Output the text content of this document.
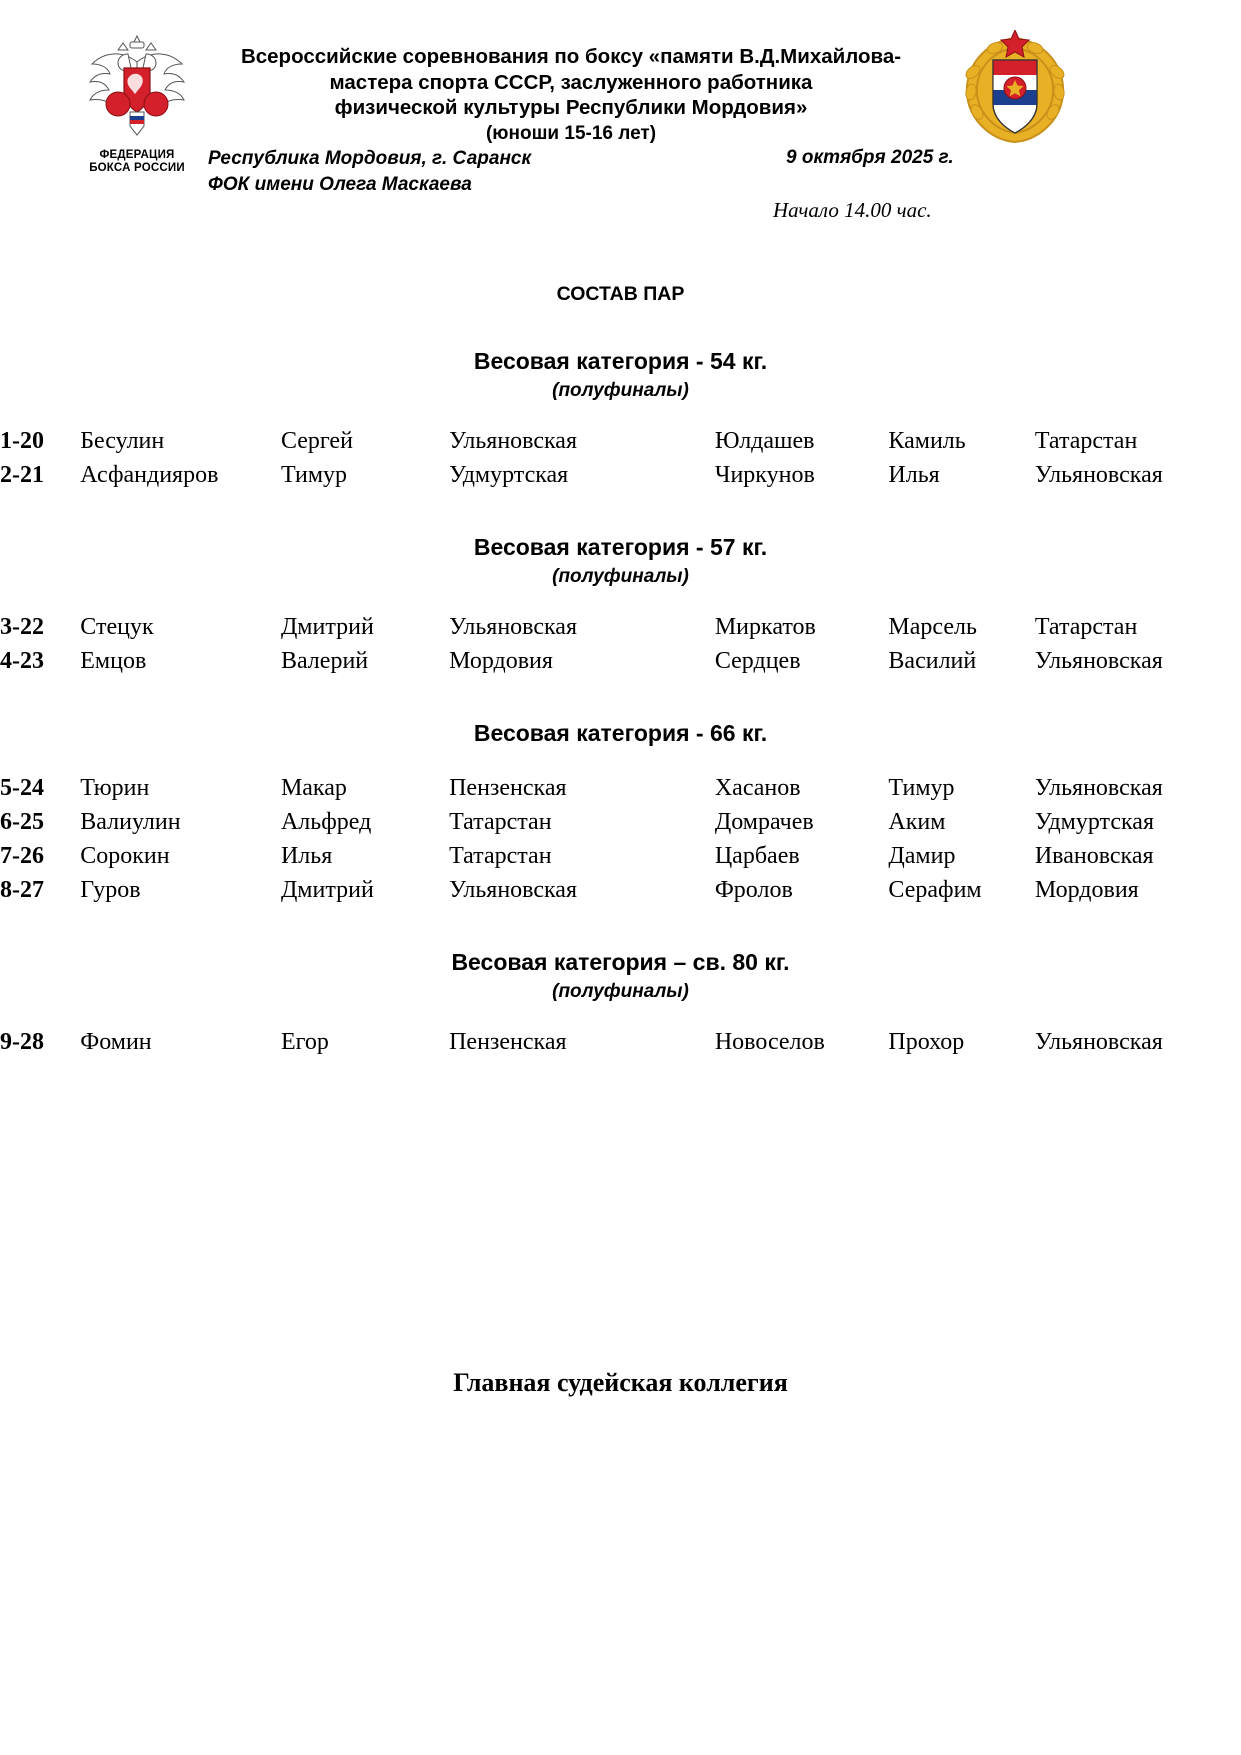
ФЕДЕРАЦИЯ
БОКСА РОССИИ
Всероссийские соревнования по боксу «памяти В.Д.Михайлова-
мастера спорта СССР, заслуженного работника
физической культуры Республики Мордовия»
(юноши 15-16 лет)
Республика Мордовия, г. Саранск
ФОК имени Олега Маскаева
9 октября 2025 г.
Начало 14.00 час.
СОСТАВ ПАР
Весовая категория - 54 кг.
(полуфиналы)
1-20	Бесулин	Сергей	Ульяновская	Юлдашев	Камиль	Татарстан
2-21	Асфандияров	Тимур	Удмуртская	Чиркунов	Илья	Ульяновская
Весовая категория - 57 кг.
(полуфиналы)
3-22	Стецук	Дмитрий	Ульяновская	Миркатов	Марсель	Татарстан
4-23	Емцов	Валерий	Мордовия	Сердцев	Василий	Ульяновская
Весовая категория - 66 кг.
5-24	Тюрин	Макар	Пензенская	Хасанов	Тимур	Ульяновская
6-25	Валиулин	Альфред	Татарстан	Домрачев	Аким	Удмуртская
7-26	Сорокин	Илья	Татарстан	Царбаев	Дамир	Ивановская
8-27	Гуров	Дмитрий	Ульяновская	Фролов	Серафим	Мордовия
Весовая категория – св. 80 кг.
(полуфиналы)
9-28	Фомин	Егор	Пензенская	Новоселов	Прохор	Ульяновская
Главная судейская коллегия
